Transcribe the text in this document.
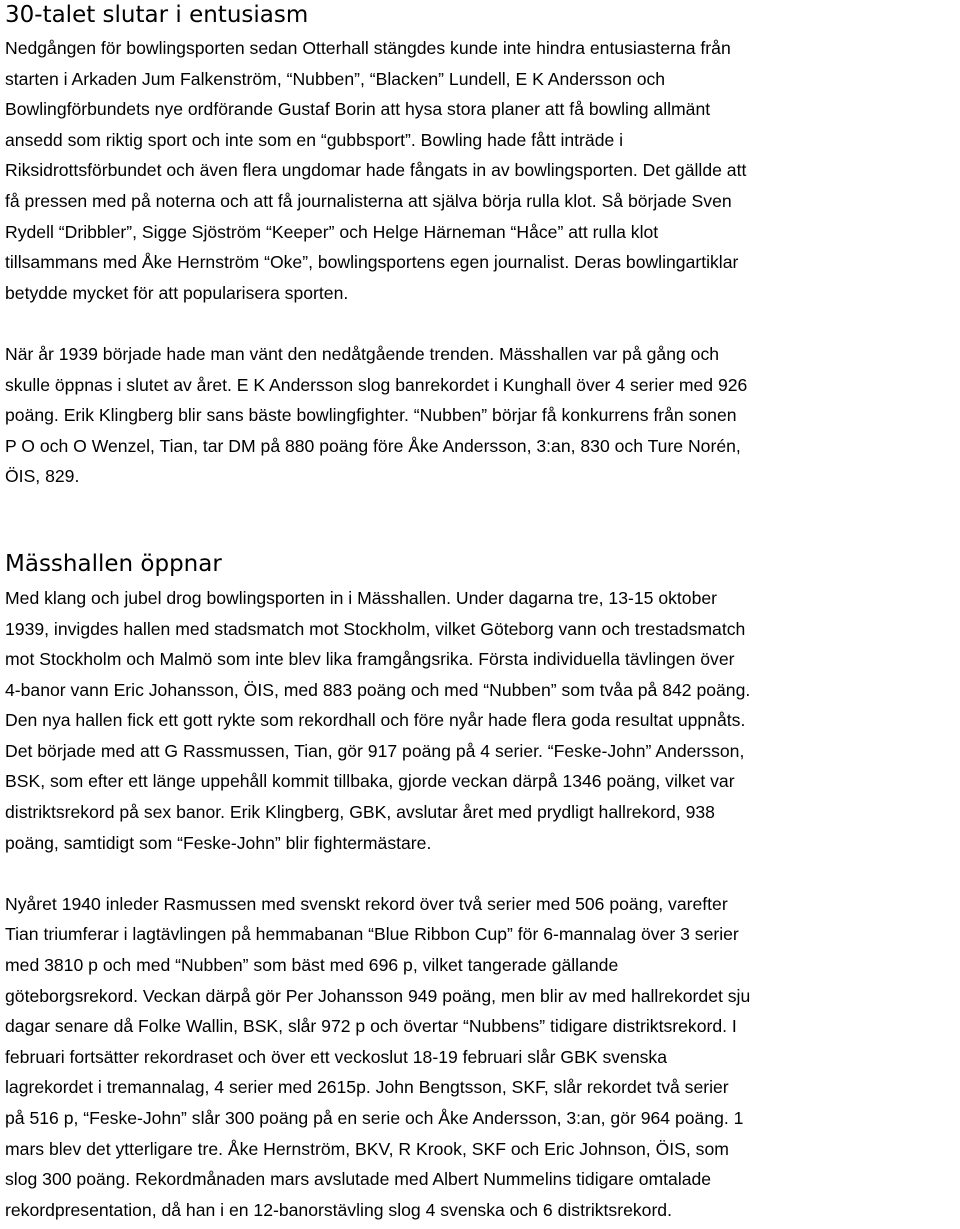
30-talet slutar i entusiasm

Nedgången för bowlingsporten sedan Otterhall stängdes kunde inte hindra entusiasterna från
starten i Arkaden Jum Falkenström, “Nubben”, “Blacken” Lundell, E K Andersson och
Bowlingförbundets nye ordförande Gustaf Borin att hysa stora planer att få bowling allmänt
ansedd som riktig sport och inte som en “gubbsport”. Bowling hade fått inträde i
Riksidrottsförbundet och även flera ungdomar hade fångats in av bowlingsporten. Det gällde att
få pressen med på noterna och att få journalisterna att själva börja rulla klot. Så började Sven
Rydell “Dribbler”, Sigge Sjöström “Keeper” och Helge Härneman “Håce” att rulla klot
tillsammans med Åke Hernström “Oke”, bowlingsportens egen journalist. Deras bowlingartiklar
betydde mycket för att popularisera sporten.

När år 1939 började hade man vänt den nedåtgående trenden. Mässhallen var på gång och
skulle öppnas i slutet av året. E K Andersson slog banrekordet i Kunghall över 4 serier med 926
poäng. Erik Klingberg blir sans bäste bowlingfighter. “Nubben” börjar få konkurrens från sonen
P O och O Wenzel, Tian, tar DM på 880 poäng före Åke Andersson, 3:an, 830 och Ture Norén,
ÖIS, 829.

Mässhallen öppnar

Med klang och jubel drog bowlingsporten in i Mässhallen. Under dagarna tre, 13-15 oktober
1939, invigdes hallen med stadsmatch mot Stockholm, vilket Göteborg vann och trestadsmatch
mot Stockholm och Malmö som inte blev lika framgångsrika. Första individuella tävlingen över
4-banor vann Eric Johansson, ÖIS, med 883 poäng och med “Nubben” som tvåa på 842 poäng.
Den nya hallen fick ett gott rykte som rekordhall och före nyår hade flera goda resultat uppnåts.
Det började med att G Rassmussen, Tian, gör 917 poäng på 4 serier. “Feske-John” Andersson,
BSK, som efter ett länge uppehåll kommit tillbaka, gjorde veckan därpå 1346 poäng, vilket var
distriktsrekord på sex banor. Erik Klingberg, GBK, avslutar året med prydligt hallrekord, 938
poäng, samtidigt som “Feske-John” blir fightermästare.

Nyåret 1940 inleder Rasmussen med svenskt rekord över två serier med 506 poäng, varefter
Tian triumferar i lagtävlingen på hemmabanan “Blue Ribbon Cup” för 6-mannalag över 3 serier
med 3810 p och med “Nubben” som bäst med 696 p, vilket tangerade gällande
göteborgsrekord. Veckan därpå gör Per Johansson 949 poäng, men blir av med hallrekordet sju
dagar senare då Folke Wallin, BSK, slår 972 p och övertar “Nubbens” tidigare distriktsrekord. I
februari fortsätter rekordraset och över ett veckoslut 18-19 februari slår GBK svenska
lagrekordet i tremannalag, 4 serier med 2615p. John Bengtsson, SKF, slår rekordet två serier
på 516 p, “Feske-John” slår 300 poäng på en serie och Åke Andersson, 3:an, gör 964 poäng. 1
mars blev det ytterligare tre. Åke Hernström, BKV, R Krook, SKF och Eric Johnson, ÖIS, som
slog 300 poäng. Rekordmånaden mars avslutade med Albert Nummelins tidigare omtalade
rekordpresentation, då han i en 12-banorstävling slog 4 svenska och 6 distriktsrekord.
